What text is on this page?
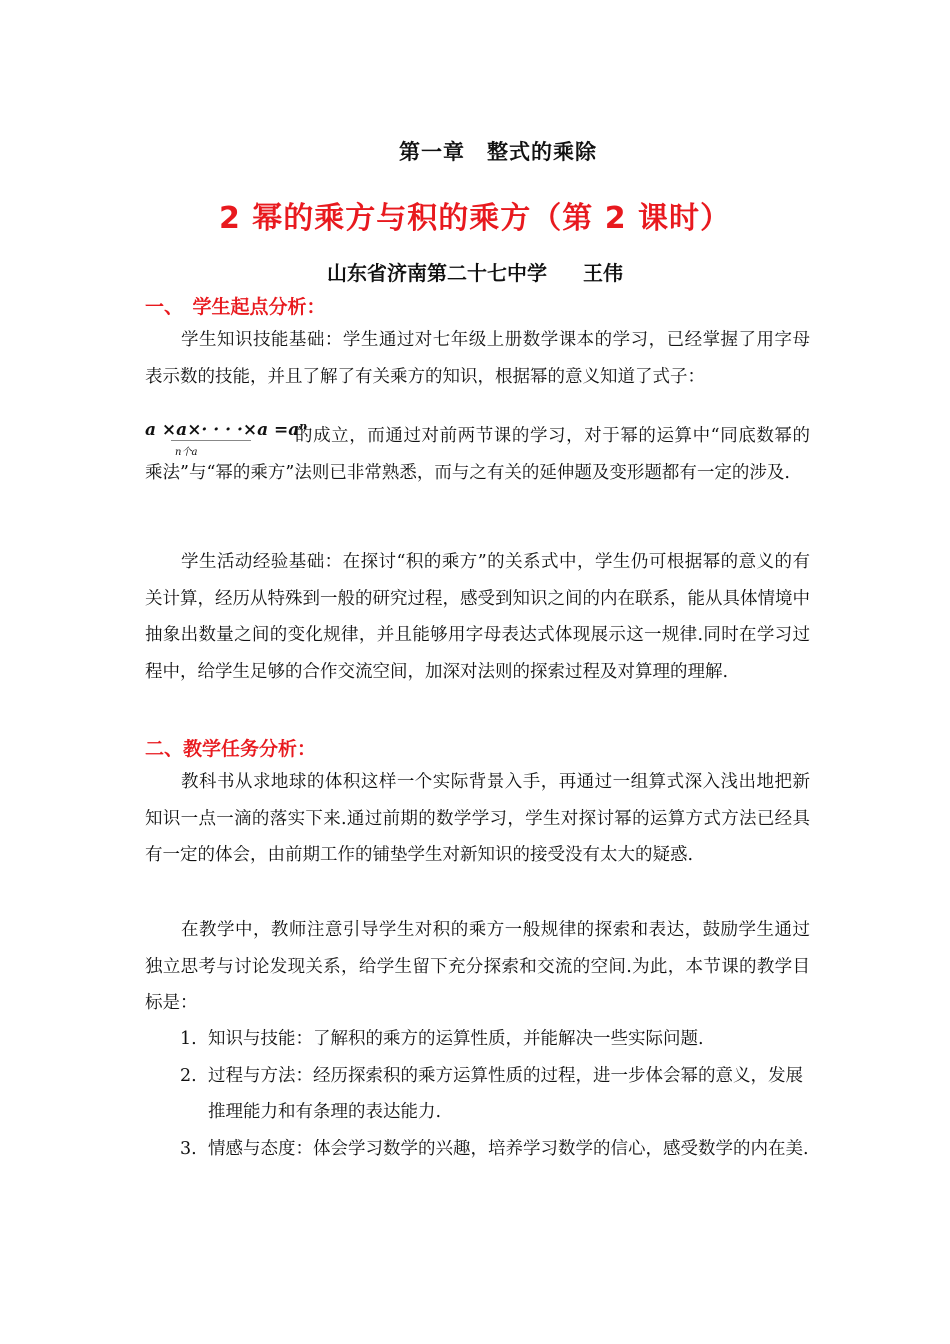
第一章　整式的乘除
2 幂的乘方与积的乘方（第 2 课时）
山东省济南第二十七中学 王伟
一、　学生起点分析：
学生知识技能基础：学生通过对七年级上册数学课本的学习，已经掌握了用字母表示数的技能，并且了解了有关乘方的知识，根据幂的意义知道了式子：
a ×a×· · · ·×a =aⁿ
n个a
的成立，而通过对前两节课的学习，对于幂的运算中“同底数幂的乘法”与“幂的乘方”法则已非常熟悉，而与之有关的延伸题及变形题都有一定的涉及.
学生活动经验基础：在探讨“积的乘方”的关系式中，学生仍可根据幂的意义的有关计算，经历从特殊到一般的研究过程，感受到知识之间的内在联系，能从具体情境中抽象出数量之间的变化规律，并且能够用字母表达式体现展示这一规律.同时在学习过程中，给学生足够的合作交流空间，加深对法则的探索过程及对算理的理解.
二、教学任务分析：
教科书从求地球的体积这样一个实际背景入手，再通过一组算式深入浅出地把新知识一点一滴的落实下来.通过前期的数学学习，学生对探讨幂的运算方式方法已经具有一定的体会，由前期工作的铺垫学生对新知识的接受没有太大的疑惑.
在教学中，教师注意引导学生对积的乘方一般规律的探索和表达，鼓励学生通过独立思考与讨论发现关系，给学生留下充分探索和交流的空间.为此，本节课的教学目标是：
1. 知识与技能：了解积的乘方的运算性质，并能解决一些实际问题.
2. 过程与方法：经历探索积的乘方运算性质的过程，进一步体会幂的意义，发展推理能力和有条理的表达能力.
3. 情感与态度：体会学习数学的兴趣，培养学习数学的信心，感受数学的内在美.
